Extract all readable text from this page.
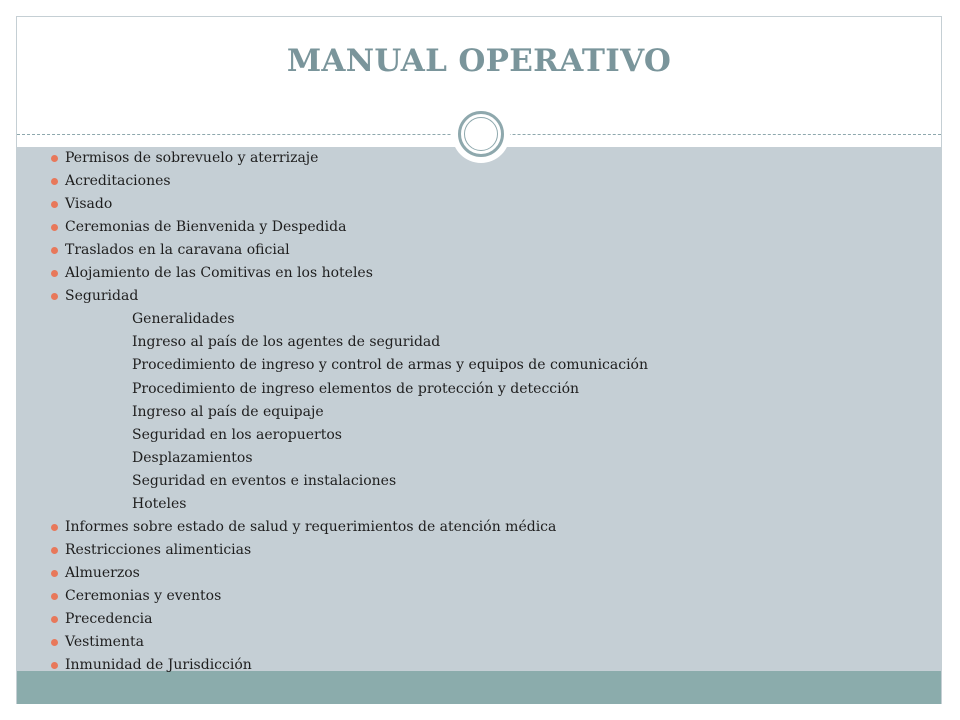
MANUAL OPERATIVO
Permisos de sobrevuelo y aterrizaje
Acreditaciones
Visado
Ceremonias de Bienvenida y Despedida
Traslados en la caravana oficial
Alojamiento de las Comitivas en los hoteles
Seguridad
Generalidades
Ingreso al país de los agentes de seguridad
Procedimiento de ingreso y control de armas y equipos de comunicación
Procedimiento de ingreso elementos de protección y detección
Ingreso al país de equipaje
Seguridad en los aeropuertos
Desplazamientos
Seguridad en eventos e instalaciones
Hoteles
Informes sobre estado de salud y requerimientos de atención médica
Restricciones alimenticias
Almuerzos
Ceremonias y eventos
Precedencia
Vestimenta
Inmunidad de Jurisdicción
